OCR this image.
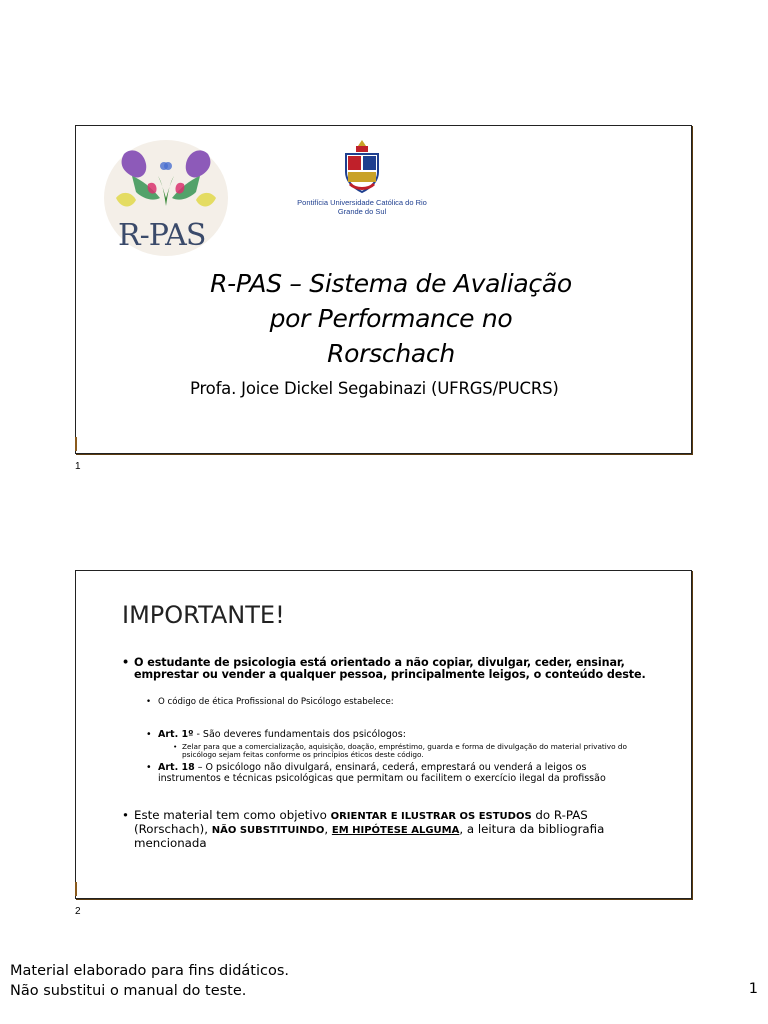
R-PAS
Pontifícia Universidade Católica do Rio Grande do Sul
R-PAS – Sistema de Avaliação
por Performance no
Rorschach
Profa. Joice Dickel Segabinazi (UFRGS/PUCRS)
1
IMPORTANTE!
• O estudante de psicologia está orientado a não copiar, divulgar, ceder, ensinar, emprestar ou vender a qualquer pessoa, principalmente leigos, o conteúdo deste.
• O código de ética Profissional do Psicólogo estabelece:
• Art. 1º - São deveres fundamentais dos psicólogos:
• Zelar para que a comercialização, aquisição, doação, empréstimo, guarda e forma de divulgação do material privativo do psicólogo sejam feitas conforme os princípios éticos deste código.
• Art. 18 – O psicólogo não divulgará, ensinará, cederá, emprestará ou venderá a leigos os instrumentos e técnicas psicológicas que permitam ou facilitem o exercício ilegal da profissão
• Este material tem como objetivo ORIENTAR E ILUSTRAR OS ESTUDOS do R-PAS (Rorschach), NÃO SUBSTITUINDO, EM HIPÓTESE ALGUMA, a leitura da bibliografia mencionada
2
Material elaborado para fins didáticos.
Não substitui o manual do teste.	1
